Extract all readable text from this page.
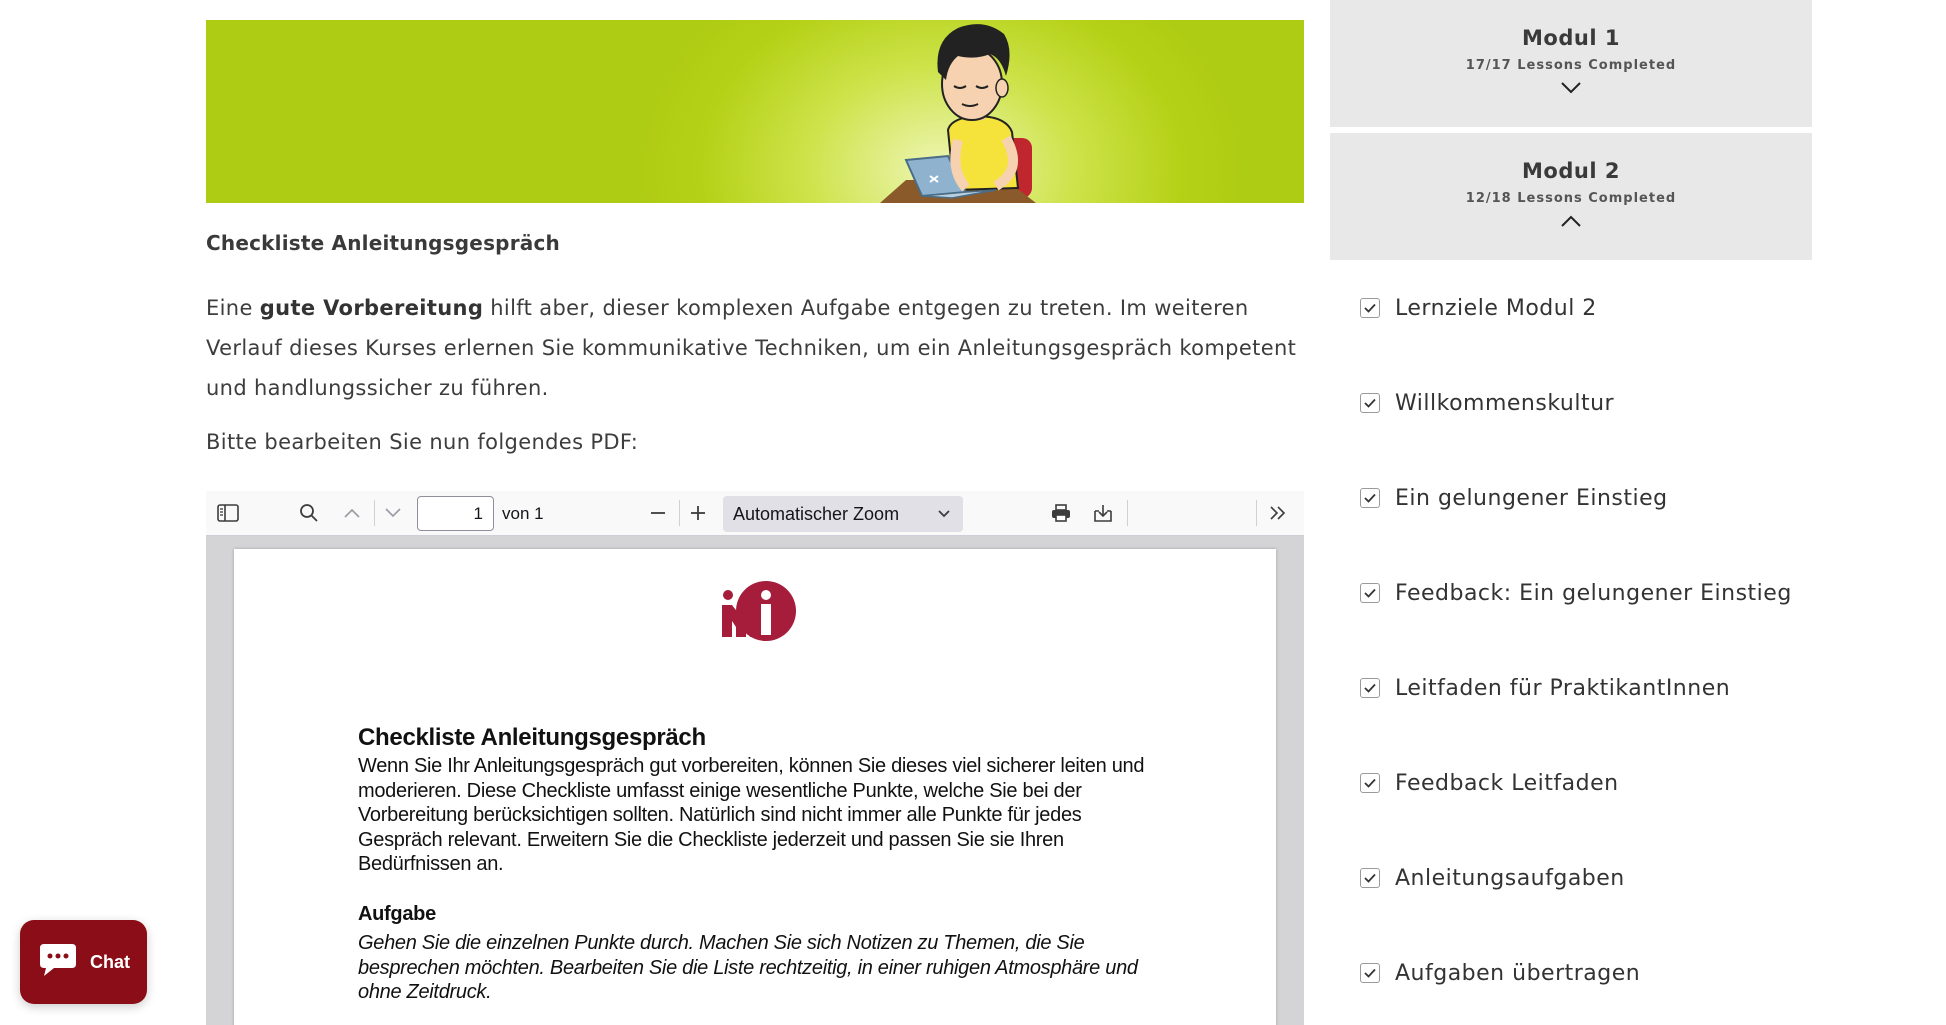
Checkliste Anleitungsgespräch

Eine gute Vorbereitung hilft aber, dieser komplexen Aufgabe entgegen zu treten. Im weiteren Verlauf dieses Kurses erlernen Sie kommunikative Techniken, um ein Anleitungsgespräch kompetent und handlungssicher zu führen.

Bitte bearbeiten Sie nun folgendes PDF:
1
von 1	Automatischer Zoom
Checkliste Anleitungsgespräch
Wenn Sie Ihr Anleitungsgespräch gut vorbereiten, können Sie dieses viel sicherer leiten und moderieren. Diese Checkliste umfasst einige wesentliche Punkte, welche Sie bei der Vorbereitung berücksichtigen sollten. Natürlich sind nicht immer alle Punkte für jedes Gespräch relevant. Erweitern Sie die Checkliste jederzeit und passen Sie sie Ihren Bedürfnissen an.
Aufgabe
Gehen Sie die einzelnen Punkte durch. Machen Sie sich Notizen zu Themen, die Sie besprechen möchten. Bearbeiten Sie die Liste rechtzeitig, in einer ruhigen Atmosphäre und ohne Zeitdruck.
Modul 1
17/17 Lessons Completed
Modul 2
12/18 Lessons Completed
Lernziele Modul 2
Willkommenskultur
Ein gelungener Einstieg
Feedback: Ein gelungener Einstieg
Leitfaden für PraktikantInnen
Feedback Leitfaden
Anleitungsaufgaben
Aufgaben übertragen
Chat
